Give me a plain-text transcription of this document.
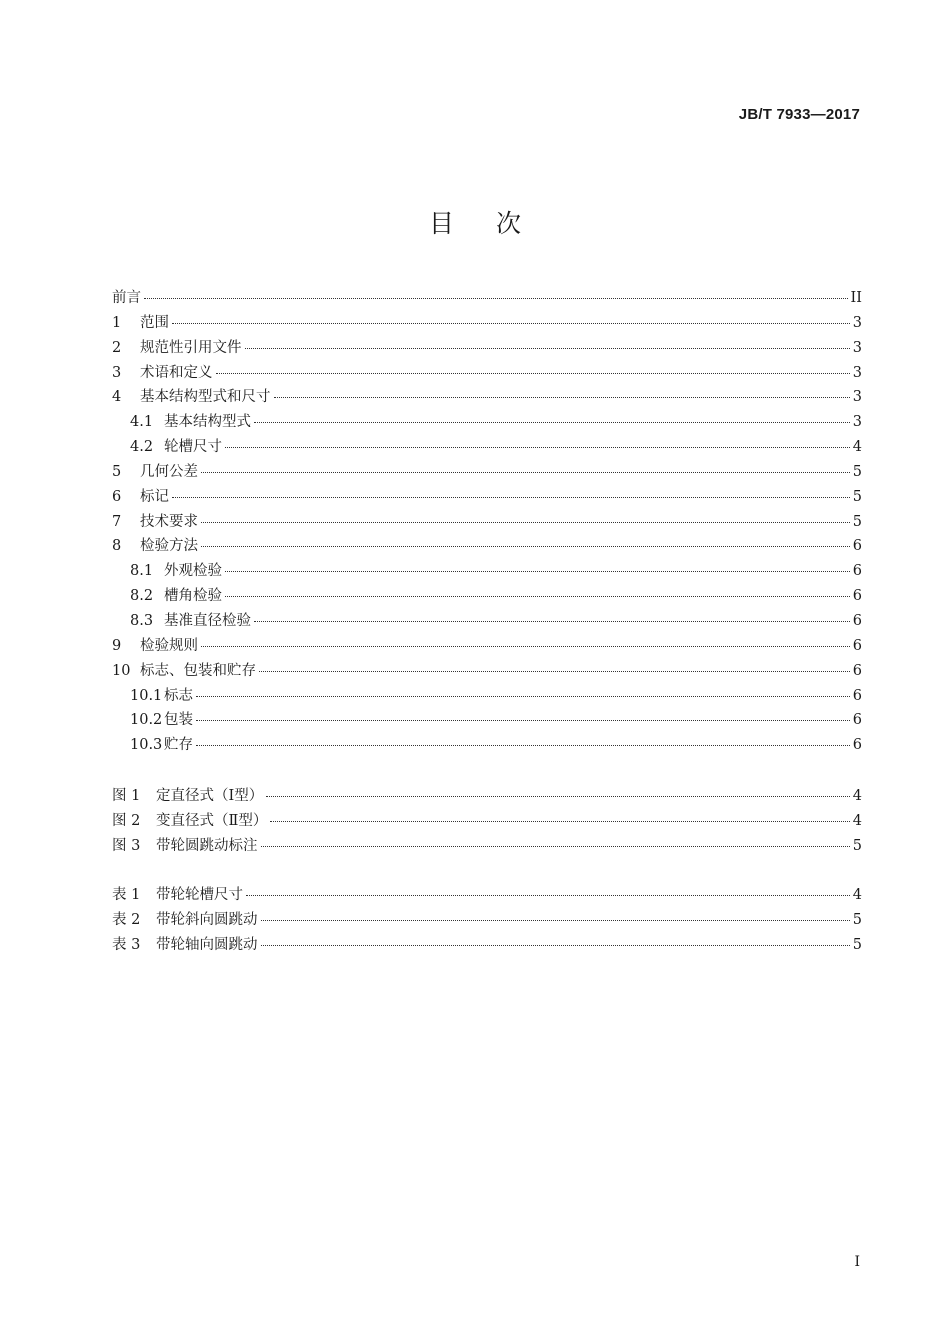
JB/T 7933—2017
目次
前言	II
1	范围	3
2	规范性引用文件	3
3	术语和定义	3
4	基本结构型式和尺寸	3
4.1 基本结构型式	3
4.2 轮槽尺寸	4
5	几何公差	5
6	标记	5
7	技术要求	5
8	检验方法	6
8.1 外观检验	6
8.2 槽角检验	6
8.3 基准直径检验	6
9	检验规则	6
10 标志、包装和贮存	6
10.1 标志	6
10.2 包装	6
10.3 贮存	6
图 1	定直径式（Ⅰ型）	4
图 2	变直径式（Ⅱ型）	4
图 3	带轮圆跳动标注	5
表 1	带轮轮槽尺寸	4
表 2	带轮斜向圆跳动	5
表 3	带轮轴向圆跳动	5
I
